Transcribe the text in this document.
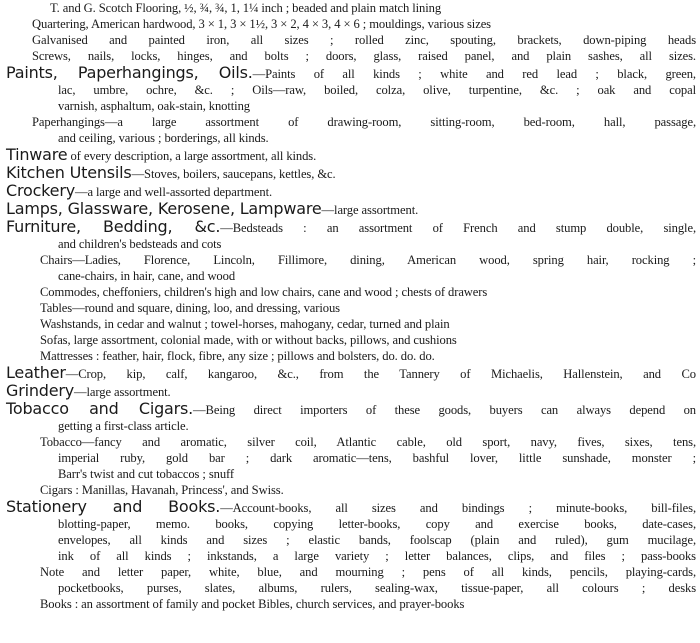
T. and G. Scotch Flooring, ½, ¾, ¾, 1, 1¼ inch ; beaded and plain match lining
Quartering, American hardwood, 3 × 1, 3 × 1½, 3 × 2, 4 × 3, 4 × 6 ; mouldings, various sizes
Galvanised and painted iron, all sizes ; rolled zinc, spouting, brackets, down-piping heads
Screws, nails, locks, hinges, and bolts ; doors, glass, raised panel, and plain sashes, all sizes.
Paints, Paperhangings, Oils.—Paints of all kinds ; white and red lead ; black, green,
lac, umbre, ochre, &c. ; Oils—raw, boiled, colza, olive, turpentine, &c. ; oak and copal
varnish, asphaltum, oak-stain, knotting
Paperhangings—a large assortment of drawing-room, sitting-room, bed-room, hall, passage,
and ceiling, various ; borderings, all kinds.
Tinware of every description, a large assortment, all kinds.
Kitchen Utensils—Stoves, boilers, saucepans, kettles, &c.
Crockery—a large and well-assorted department.
Lamps, Glassware, Kerosene, Lampware—large assortment.
Furniture, Bedding, &c.—Bedsteads : an assortment of French and stump double, single,
and children's bedsteads and cots
Chairs—Ladies, Florence, Lincoln, Fillimore, dining, American wood, spring hair, rocking ;
cane-chairs, in hair, cane, and wood
Commodes, cheffoniers, children's high and low chairs, cane and wood ; chests of drawers
Tables—round and square, dining, loo, and dressing, various
Washstands, in cedar and walnut ; towel-horses, mahogany, cedar, turned and plain
Sofas, large assortment, colonial made, with or without backs, pillows, and cushions
Mattresses : feather, hair, flock, fibre, any size ; pillows and bolsters, do. do. do.
Leather—Crop, kip, calf, kangaroo, &c., from the Tannery of Michaelis, Hallenstein, and Co
Grindery—large assortment.
Tobacco and Cigars.—Being direct importers of these goods, buyers can always depend on
getting a first-class article.
Tobacco—fancy and aromatic, silver coil, Atlantic cable, old sport, navy, fives, sixes, tens,
imperial ruby, gold bar ; dark aromatic—tens, bashful lover, little sunshade, monster ;
Barr's twist and cut tobaccos ; snuff
Cigars : Manillas, Havanah, Princess', and Swiss.
Stationery and Books.—Account-books, all sizes and bindings ; minute-books, bill-files,
blotting-paper, memo. books, copying letter-books, copy and exercise books, date-cases,
envelopes, all kinds and sizes ; elastic bands, foolscap (plain and ruled), gum mucilage,
ink of all kinds ; inkstands, a large variety ; letter balances, clips, and files ; pass-books
Note and letter paper, white, blue, and mourning ; pens of all kinds, pencils, playing-cards,
pocketbooks, purses, slates, albums, rulers, sealing-wax, tissue-paper, all colours ; desks
Books : an assortment of family and pocket Bibles, church services, and prayer-books
